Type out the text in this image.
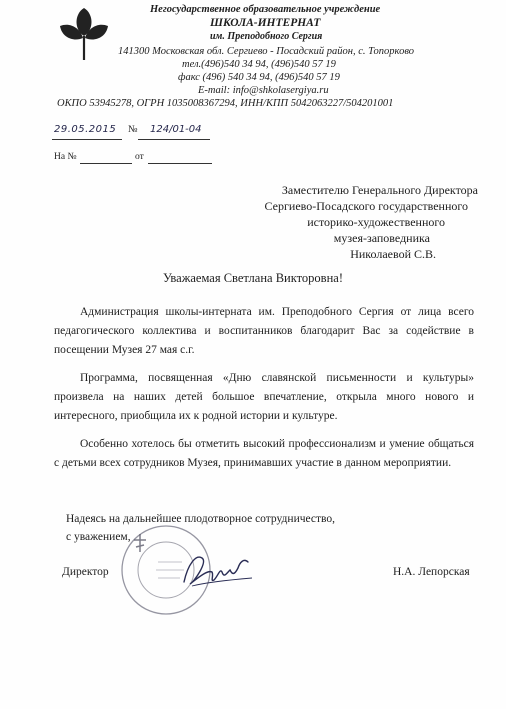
Негосударственное образовательное учреждение
ШКОЛА-ИНТЕРНАТ
им. Преподобного Сергия
141300 Московская обл. Сергиево - Посадский район, с. Топорково
тел.(496)540 34 94, (496)540 57 19
факс (496) 540 34 94, (496)540 57 19
E-mail: info@shkolasergiya.ru
ОКПО 53945278, ОГРН 1035008367294, ИНН/КПП 5042063227/504201001
29.05.2015 № 124/01-04
На №	от
Заместителю Генерального Директора
Сергиево-Посадского государственного
историко-художественного
музея-заповедника
Николаевой С.В.
Уважаемая Светлана Викторовна!

Администрация школы-интерната им. Преподобного Сергия от лица всего педагогического коллектива и воспитанников благодарит Вас за содействие в посещении Музея 27 мая с.г.

Программа, посвященная «Дню славянской письменности и культуры» произвела на наших детей большое впечатление, открыла много нового и интересного, приобщила их к родной истории и культуре.

Особенно хотелось бы отметить высокий профессионализм и умение общаться с детьми всех сотрудников Музея, принимавших участие в данном мероприятии.

Надеясь на дальнейшее плодотворное сотрудничество,
с уважением,
Директор	Н.А. Лепорская
